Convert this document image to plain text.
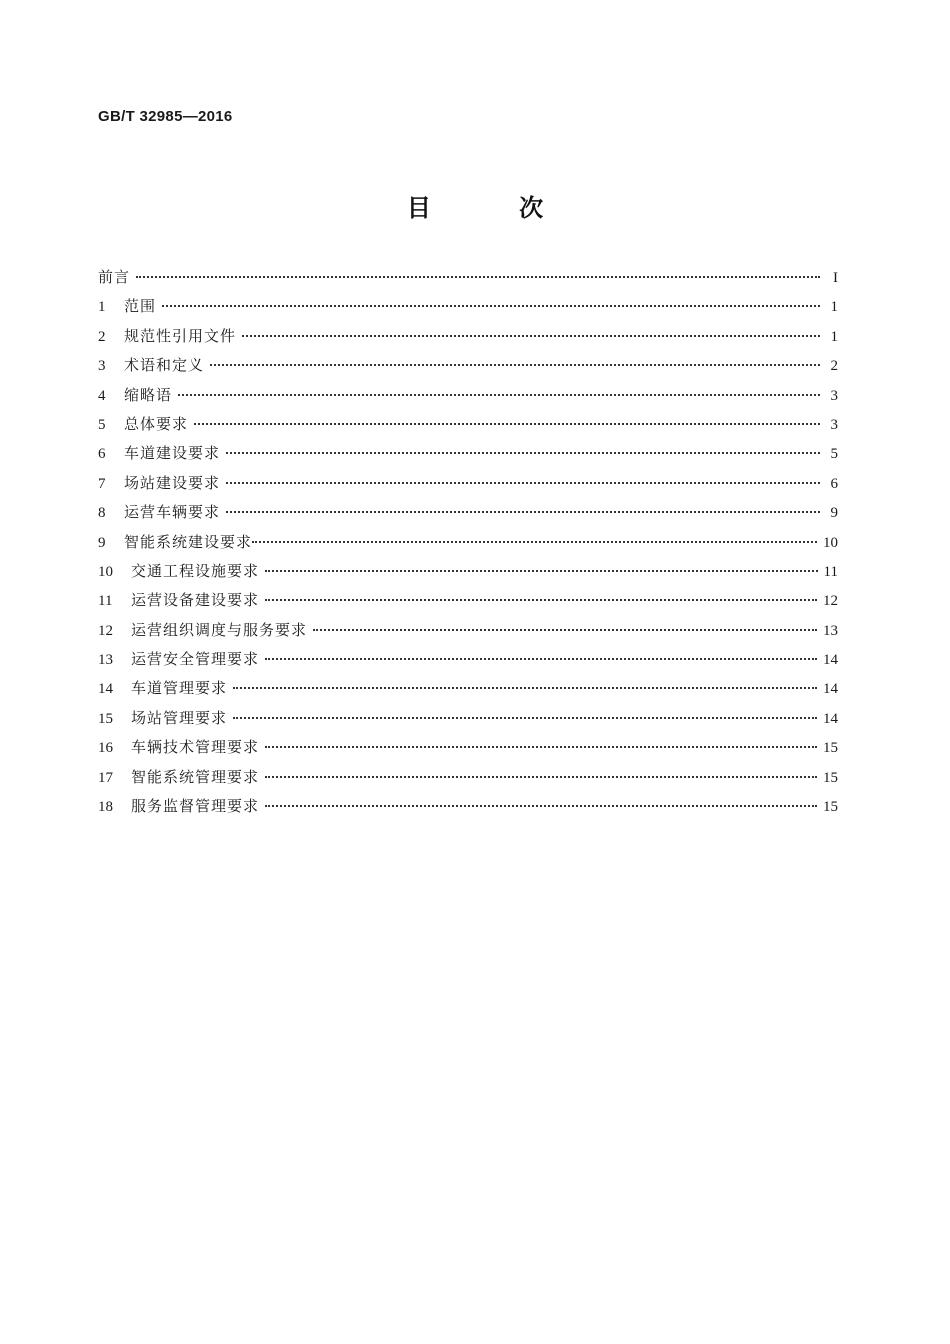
GB/T 32985—2016
目 次
前言	I
1	范围	1
2	规范性引用文件	1
3	术语和定义	2
4	缩略语	3
5	总体要求	3
6	车道建设要求	5
7	场站建设要求	6
8	运营车辆要求	9
9	智能系统建设要求	10
10	交通工程设施要求	11
11	运营设备建设要求	12
12	运营组织调度与服务要求	13
13	运营安全管理要求	14
14	车道管理要求	14
15	场站管理要求	14
16	车辆技术管理要求	15
17	智能系统管理要求	15
18	服务监督管理要求	15
